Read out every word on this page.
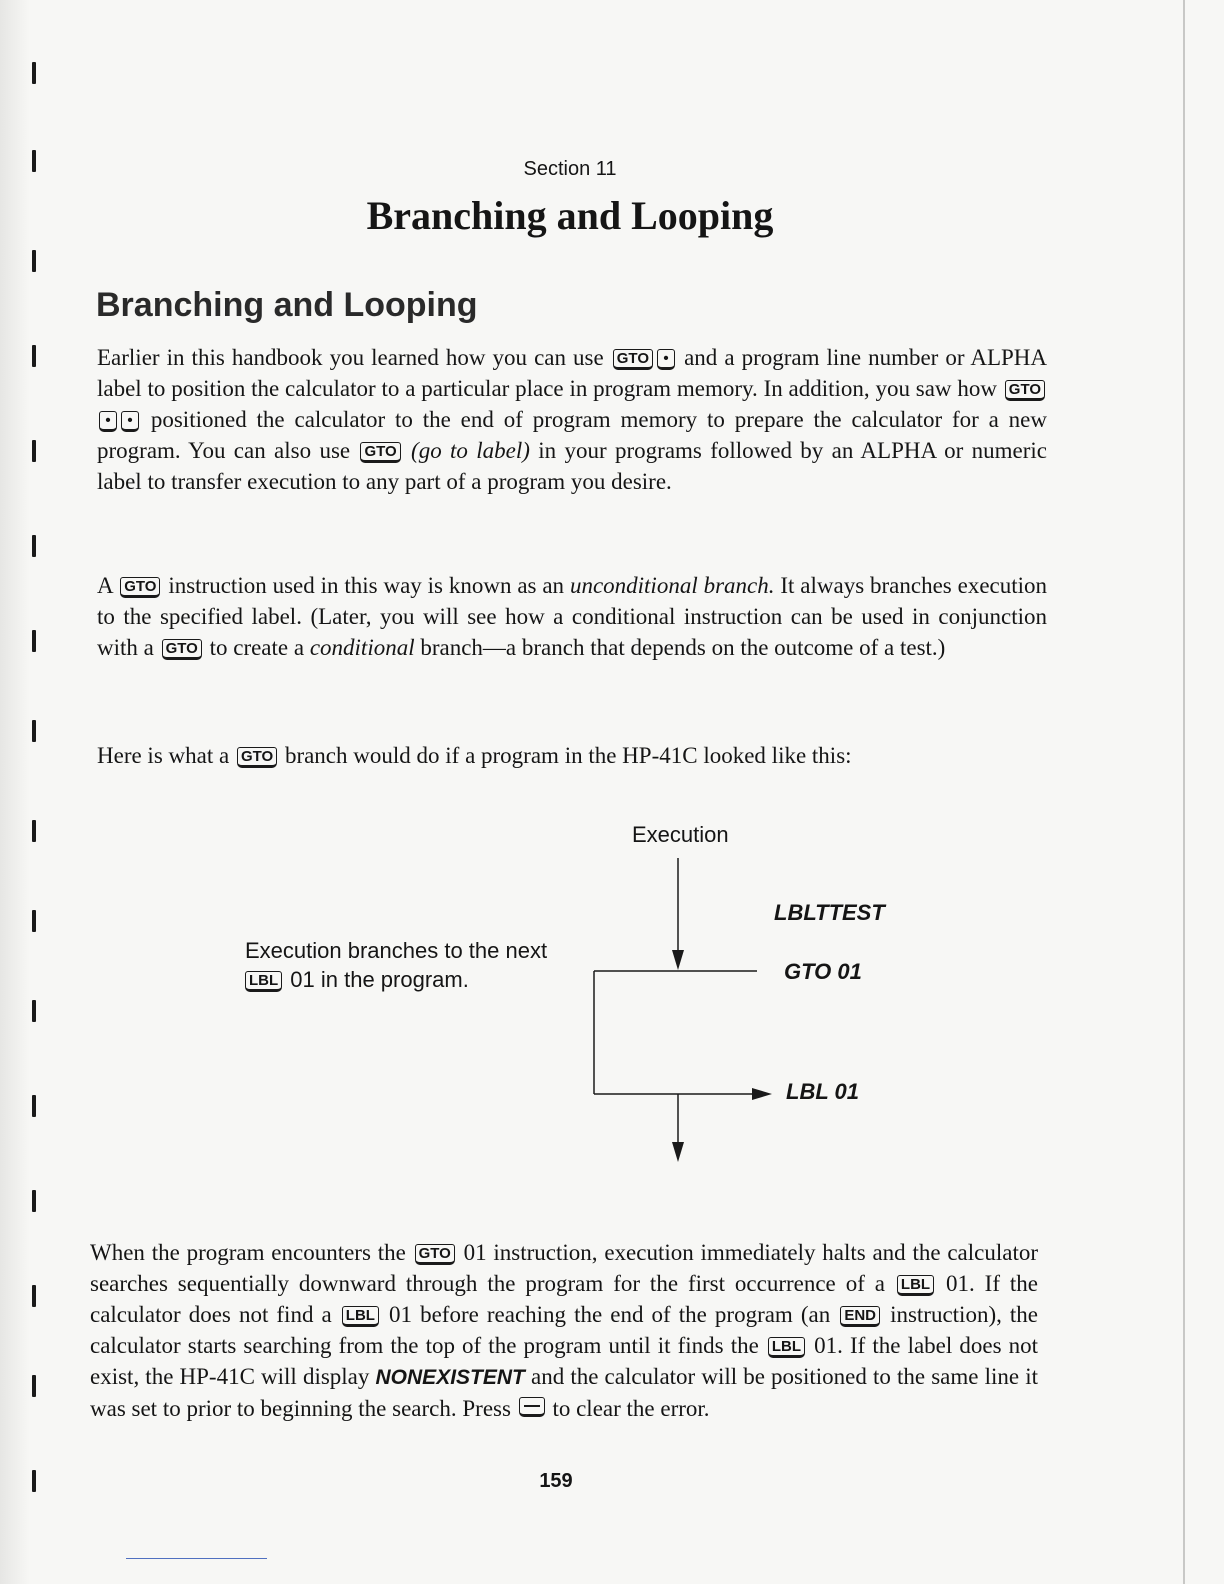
Section 11
Branching and Looping
Branching and Looping

Earlier in this handbook you learned how you can use GTO • and a program line number or ALPHA label to position the calculator to a particular place in program memory. In addition, you saw how GTO• • positioned the calculator to the end of program memory to prepare the calculator for a new program. You can also use GTO (go to label) in your programs followed by an ALPHA or numeric label to transfer execution to any part of a program you desire.

A GTO instruction used in this way is known as an unconditional branch. It always branches execution to the specified label. (Later, you will see how a conditional instruction can be used in conjunction with a GTO to create a conditional branch—a branch that depends on the outcome of a test.)

Here is what a GTO branch would do if a program in the HP-41C looked like this:

Execution
Execution branches to the next
LBL 01 in the program.
LBLTTEST
GTO 01
LBL 01

When the program encounters the GTO 01 instruction, execution immediately halts and the calculator searches sequentially downward through the program for the first occurrence of a LBL 01. If the calculator does not find a LBL 01 before reaching the end of the program (an END instruction), the calculator starts searching from the top of the program until it finds the LBL 01. If the label does not exist, the HP-41C will display NONEXISTENT and the calculator will be positioned to the same line it was set to prior to beginning the search. Press to clear the error.

159
